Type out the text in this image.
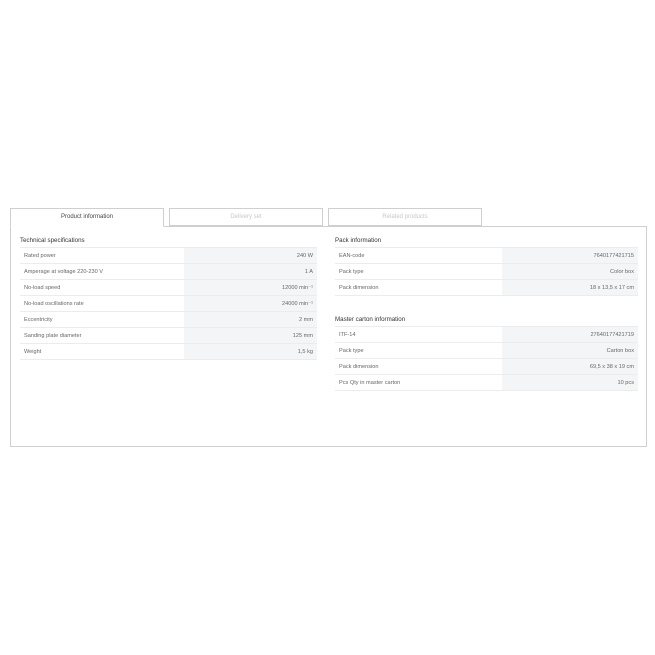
Product information	Delivery set	Related products
Technical specifications
Rated power	240 W
Amperage at voltage 220-230 V	1 A
No-load speed	12000 min⁻¹
No-load oscillations rate	24000 min⁻¹
Eccentricity	2 mm
Sanding plate diameter	125 mm
Weight	1,5 kg
Pack information
EAN-code	7640177421715
Pack type	Color box
Pack dimension	18 x 13,5 x 17 cm
Master carton information
ITF-14	27640177421719
Pack type	Carton box
Pack dimension	69,5 x 38 x 19 cm
Pcs Qty in master carton	10 pcs
